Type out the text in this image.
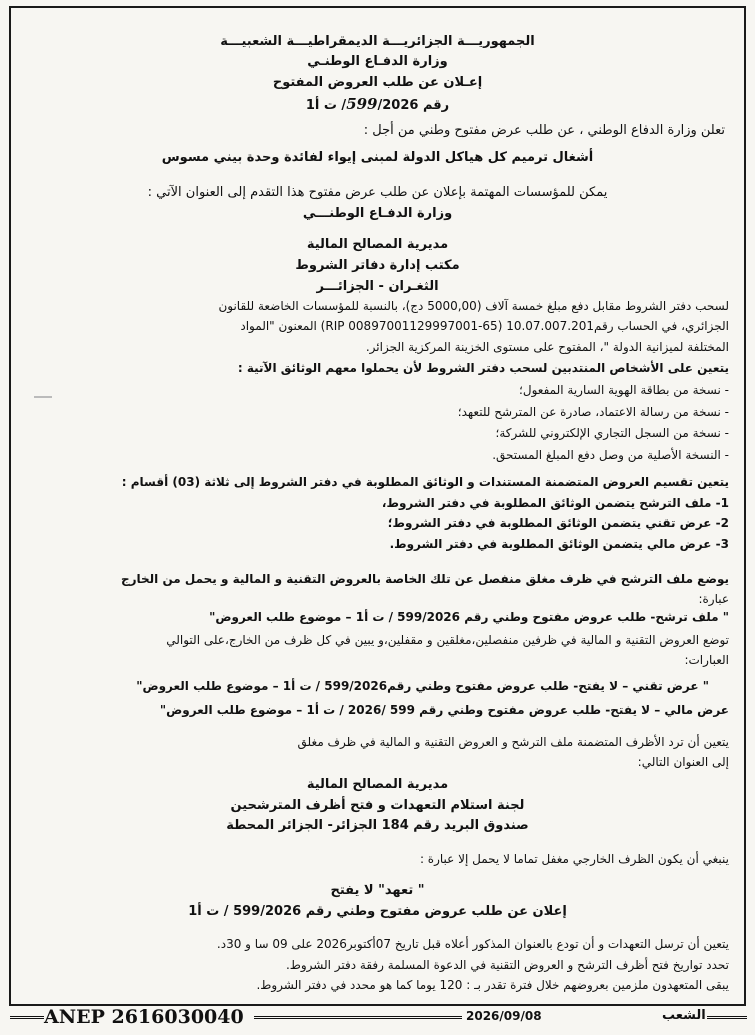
الجمهوريـــة الجزائريـــة الديمقراطيـــة الشعبيـــة
وزارة الدفـاع الوطنـي
إعـلان عن طلب العروض المفتوح
رقم 599/2026/ ت أ1
تعلن وزارة الدفاع الوطني ، عن طلب عرض مفتوح وطني من أجل :
أشغال ترميم كل هياكل الدولة لمبنى إيواء لفائدة وحدة بيني مسوس
يمكن للمؤسسات المهتمة بإعلان عن طلب عرض مفتوح هذا التقدم إلى العنوان الآتي :
وزارة الدفـاع الوطنـــي
مديرية المصالح المالية
مكتب إدارة دفاتر الشروط
الثغـران - الجزائـــر
لسحب دفتر الشروط مقابل دفع مبلغ خمسة آلاف (5000,00 دج)، بالنسبة للمؤسسات الخاضعة للقانون
الجزائري، في الحساب رقم10.07.007.201 (RIP 00897001129997001-65) المعنون "المواد
المختلفة لميزانية الدولة "، المفتوح على مستوى الخزينة المركزية الجزائر.
يتعين على الأشخاص المنتدبين لسحب دفتر الشروط لأن يحملوا معهم الوثائق الآتية :
- نسخة من بطاقة الهوية السارية المفعول؛
- نسخة من رسالة الاعتماد، صادرة عن المترشح للتعهد؛
- نسخة من السجل التجاري الإلكتروني للشركة؛
- النسخة الأصلية من وصل دفع المبلغ المستحق.
يتعين تقسيم العروض المتضمنة المستندات و الوثائق المطلوبة في دفتر الشروط إلى ثلاثة (03) أقسام :
1- ملف الترشح يتضمن الوثائق المطلوبة في دفتر الشروط،
2- عرض تقني يتضمن الوثائق المطلوبة في دفتر الشروط؛
3- عرض مالي يتضمن الوثائق المطلوبة في دفتر الشروط.
يوضع ملف الترشح في ظرف مغلق منفصل عن تلك الخاصة بالعروض التقنية و المالية و يحمل من الخارج
عبارة:
" ملف ترشح- طلب عروض مفتوح وطني رقم 599/2026 / ت أ1 – موضوع طلب العروض"
توضع العروض التقنية و المالية في ظرفين منفصلين،مغلقين و مقفلين،و يبين في كل ظرف من الخارج،على التوالي
العبارات:
" عرض تقني – لا يفتح- طلب عروض مفتوح وطني رقم599/2026 / ت أ1 – موضوع طلب العروض"
عرض مالي – لا يفتح- طلب عروض مفتوح وطني رقم 599 /2026 / ت أ1 – موضوع طلب العروض"
يتعين أن ترد الأظرف المتضمنة ملف الترشح و العروض التقنية و المالية في ظرف مغلق
إلى العنوان التالي:
مديرية المصالح المالية
لجنة استلام التعهدات و فتح أظرف المترشحين
صندوق البريد رقم 184 الجزائر- الجزائر المحطة
ينبغي أن يكون الظرف الخارجي مغفل تماما لا يحمل إلا عبارة :
" تعهد" لا يفتح
إعلان عن طلب عروض مفتوح وطني رقم 599/2026 / ت أ1
يتعين أن ترسل التعهدات و أن تودع بالعنوان المذكور أعلاه قبل تاريخ 07أكتوبر2026 على 09 سا و 30د.
تحدد تواريخ فتح أظرف الترشح و العروض التقنية في الدعوة المسلمة رفقة دفتر الشروط.
يبقى المتعهدون ملزمين بعروضهم خلال فترة تقدر بـ : 120 يوما كما هو محدد في دفتر الشروط.
ANEP 2616030040	2026/09/08	الشعب
